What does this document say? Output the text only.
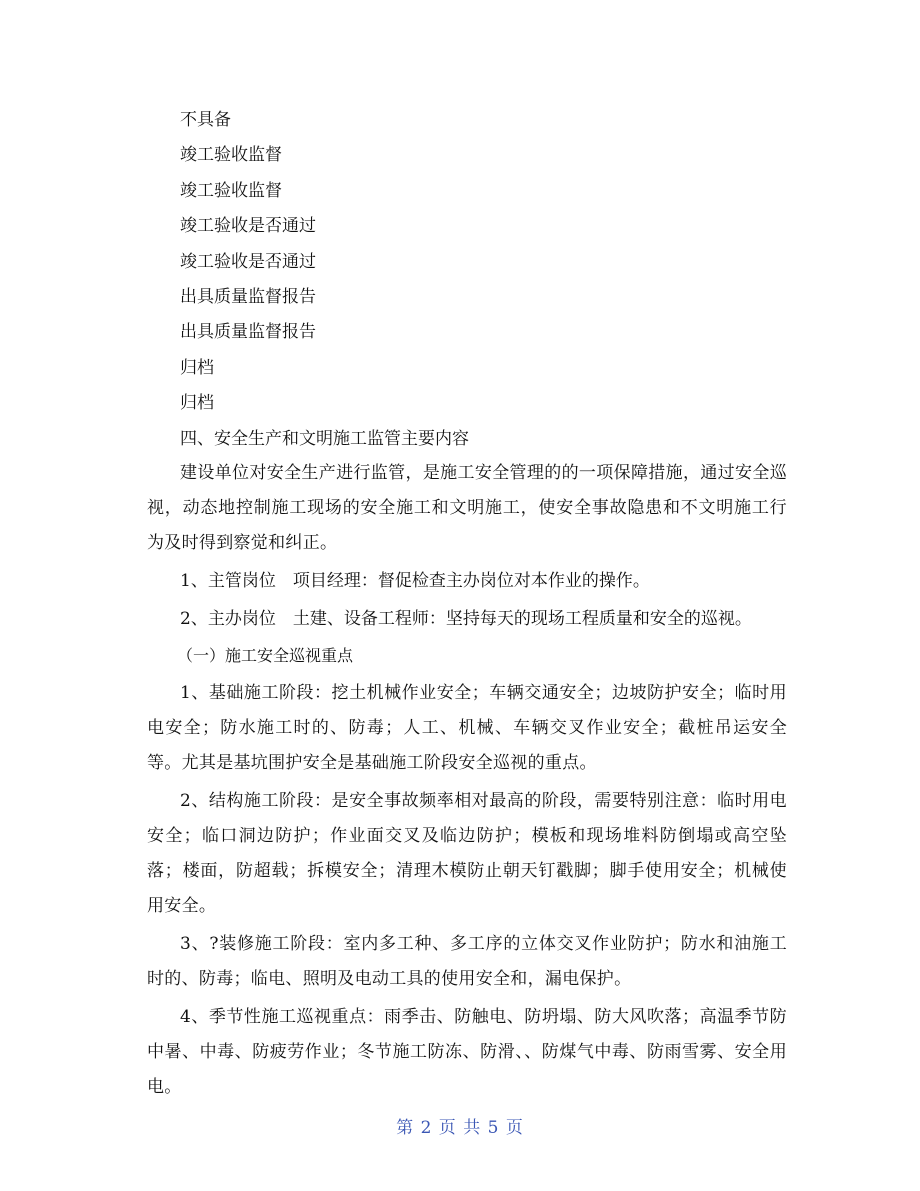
不具备
竣工验收监督
竣工验收监督
竣工验收是否通过
竣工验收是否通过
出具质量监督报告
出具质量监督报告
归档
归档
四、安全生产和文明施工监管主要内容

建设单位对安全生产进行监管，是施工安全管理的的一项保障措施，通过安全巡视，动态地控制施工现场的安全施工和文明施工，使安全事故隐患和不文明施工行为及时得到察觉和纠正。

1、主管岗位　项目经理：督促检查主办岗位对本作业的操作。
2、主办岗位　土建、设备工程师：坚持每天的现场工程质量和安全的巡视。
（一）施工安全巡视重点

1、基础施工阶段：挖土机械作业安全；车辆交通安全；边坡防护安全；临时用电安全；防水施工时的、防毒；人工、机械、车辆交叉作业安全；截桩吊运安全等。尤其是基坑围护安全是基础施工阶段安全巡视的重点。

2、结构施工阶段：是安全事故频率相对最高的阶段，需要特别注意：临时用电安全；临口洞边防护；作业面交叉及临边防护；模板和现场堆料防倒塌或高空坠落；楼面，防超载；拆模安全；清理木模防止朝天钉戳脚；脚手使用安全；机械使用安全。

3、?装修施工阶段：室内多工种、多工序的立体交叉作业防护；防水和油施工时的、防毒；临电、照明及电动工具的使用安全和，漏电保护。

4、季节性施工巡视重点：雨季击、防触电、防坍塌、防大风吹落；高温季节防中暑、中毒、防疲劳作业；冬节施工防冻、防滑、、防煤气中毒、防雨雪雾、安全用电。

第 2 页 共 5 页
